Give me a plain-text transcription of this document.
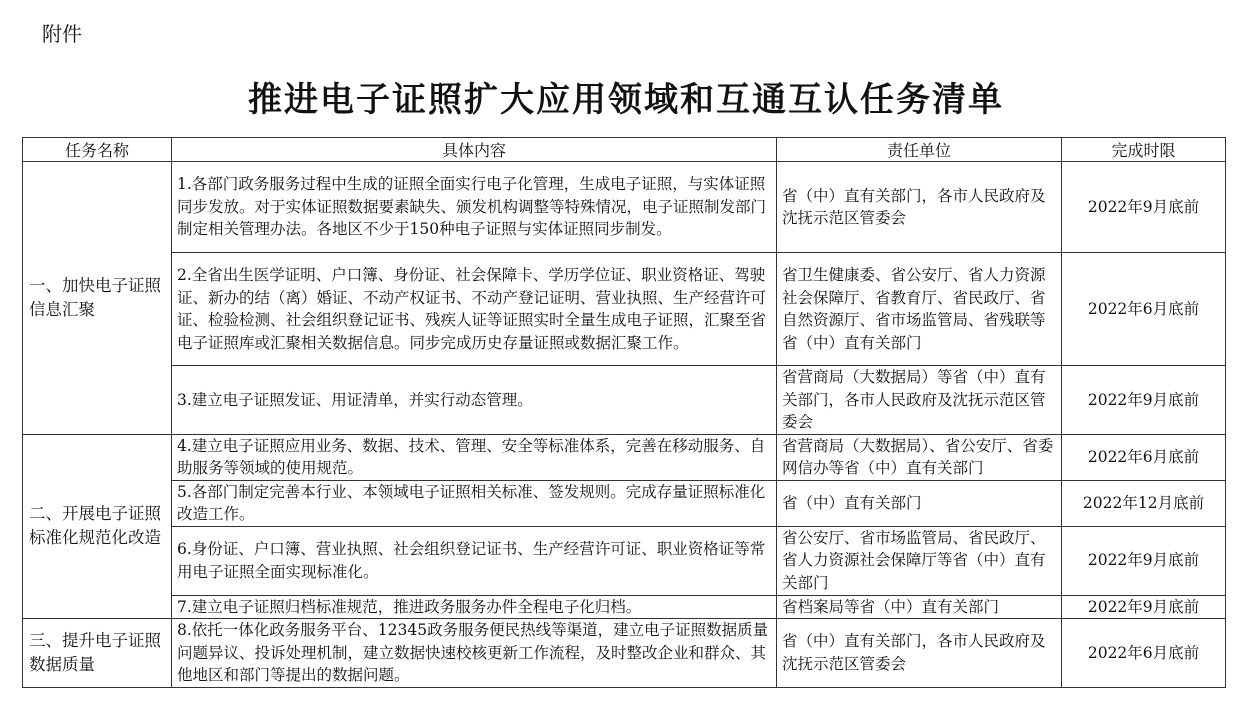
附件
推进电子证照扩大应用领域和互通互认任务清单
任务名称	具体内容	责任单位	完成时限
一、加快电子证照信息汇聚	1.各部门政务服务过程中生成的证照全面实行电子化管理，生成电子证照，与实体证照同步发放。对于实体证照数据要素缺失、颁发机构调整等特殊情况，电子证照制发部门制定相关管理办法。各地区不少于150种电子证照与实体证照同步制发。	省（中）直有关部门，各市人民政府及沈抚示范区管委会	2022年9月底前
	2.全省出生医学证明、户口簿、身份证、社会保障卡、学历学位证、职业资格证、驾驶证、新办的结（离）婚证、不动产权证书、不动产登记证明、营业执照、生产经营许可证、检验检测、社会组织登记证书、残疾人证等证照实时全量生成电子证照，汇聚至省电子证照库或汇聚相关数据信息。同步完成历史存量证照或数据汇聚工作。	省卫生健康委、省公安厅、省人力资源社会保障厅、省教育厅、省民政厅、省自然资源厅、省市场监管局、省残联等省（中）直有关部门	2022年6月底前
	3.建立电子证照发证、用证清单，并实行动态管理。	省营商局（大数据局）等省（中）直有关部门，各市人民政府及沈抚示范区管委会	2022年9月底前
二、开展电子证照标准化规范化改造	4.建立电子证照应用业务、数据、技术、管理、安全等标准体系，完善在移动服务、自助服务等领域的使用规范。	省营商局（大数据局）、省公安厅、省委网信办等省（中）直有关部门	2022年6月底前
	5.各部门制定完善本行业、本领域电子证照相关标准、签发规则。完成存量证照标准化改造工作。	省（中）直有关部门	2022年12月底前
	6.身份证、户口簿、营业执照、社会组织登记证书、生产经营许可证、职业资格证等常用电子证照全面实现标准化。	省公安厅、省市场监管局、省民政厅、省人力资源社会保障厅等省（中）直有关部门	2022年9月底前
	7.建立电子证照归档标准规范，推进政务服务办件全程电子化归档。	省档案局等省（中）直有关部门	2022年9月底前
三、提升电子证照数据质量	8.依托一体化政务服务平台、12345政务服务便民热线等渠道，建立电子证照数据质量问题异议、投诉处理机制，建立数据快速校核更新工作流程，及时整改企业和群众、其他地区和部门等提出的数据问题。	省（中）直有关部门，各市人民政府及沈抚示范区管委会	2022年6月底前
